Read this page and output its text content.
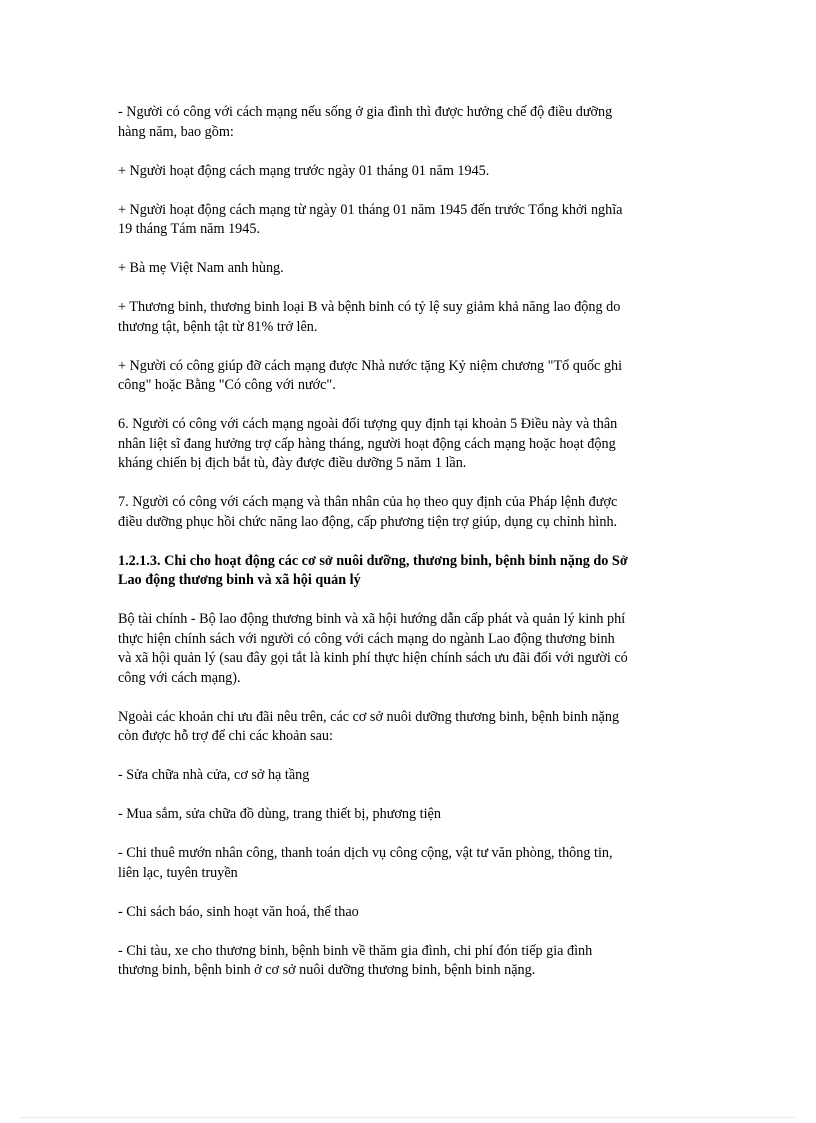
- Người có công với cách mạng nếu sống ở gia đình thì được hưởng chế độ điều dưỡng
hàng năm, bao gồm:
+ Người hoạt động cách mạng trước ngày 01 tháng 01 năm 1945.
+ Người hoạt động cách mạng từ ngày 01 tháng 01 năm 1945 đến trước Tổng khởi nghĩa
19 tháng Tám năm 1945.
+ Bà mẹ Việt Nam anh hùng.
+ Thương binh, thương binh loại B và bệnh binh có tỷ lệ suy giảm khả năng lao động do
thương tật, bệnh tật từ 81% trở lên.
+ Người có công giúp đỡ cách mạng được Nhà nước tặng Kỷ niệm chương "Tổ quốc ghi
công" hoặc Bằng "Có công với nước".
6. Người có công với cách mạng ngoài đối tượng quy định tại khoản 5 Điều này và thân
nhân liệt sĩ đang hưởng trợ cấp hàng tháng, người hoạt động cách mạng hoặc hoạt động
kháng chiến bị địch bắt tù, đày được điều dưỡng 5 năm 1 lần.
7. Người có công với cách mạng và thân nhân của họ theo quy định của Pháp lệnh được
điều dưỡng phục hồi chức năng lao động, cấp phương tiện trợ giúp, dụng cụ chỉnh hình.
1.2.1.3. Chi cho hoạt động các cơ sở nuôi dưỡng, thương binh, bệnh binh nặng do Sở
Lao động thương binh và xã hội quản lý
Bộ tài chính - Bộ lao động thương binh và xã hội hướng dẫn cấp phát và quản lý kinh phí
thực hiện chính sách với người có công với cách mạng do ngành Lao động thương binh
và xã hội quản lý (sau đây gọi tắt là kinh phí thực hiện chính sách ưu đãi đối với người có
công với cách mạng).
Ngoài các khoản chi ưu đãi nêu trên, các cơ sở nuôi dưỡng thương binh, bệnh binh nặng
còn được hỗ trợ để chi các khoản sau:
- Sửa chữa nhà cửa, cơ sở hạ tầng
- Mua sắm, sửa chữa đồ dùng, trang thiết bị, phương tiện
- Chi thuê mướn nhân công, thanh toán dịch vụ công cộng, vật tư văn phòng, thông tin,
liên lạc, tuyên truyền
- Chi sách báo, sinh hoạt văn hoá, thể thao
- Chi tàu, xe cho thương binh, bệnh binh về thăm gia đình, chi phí đón tiếp gia đình
thương binh, bệnh binh ở cơ sở nuôi dưỡng thương binh, bệnh binh nặng.
